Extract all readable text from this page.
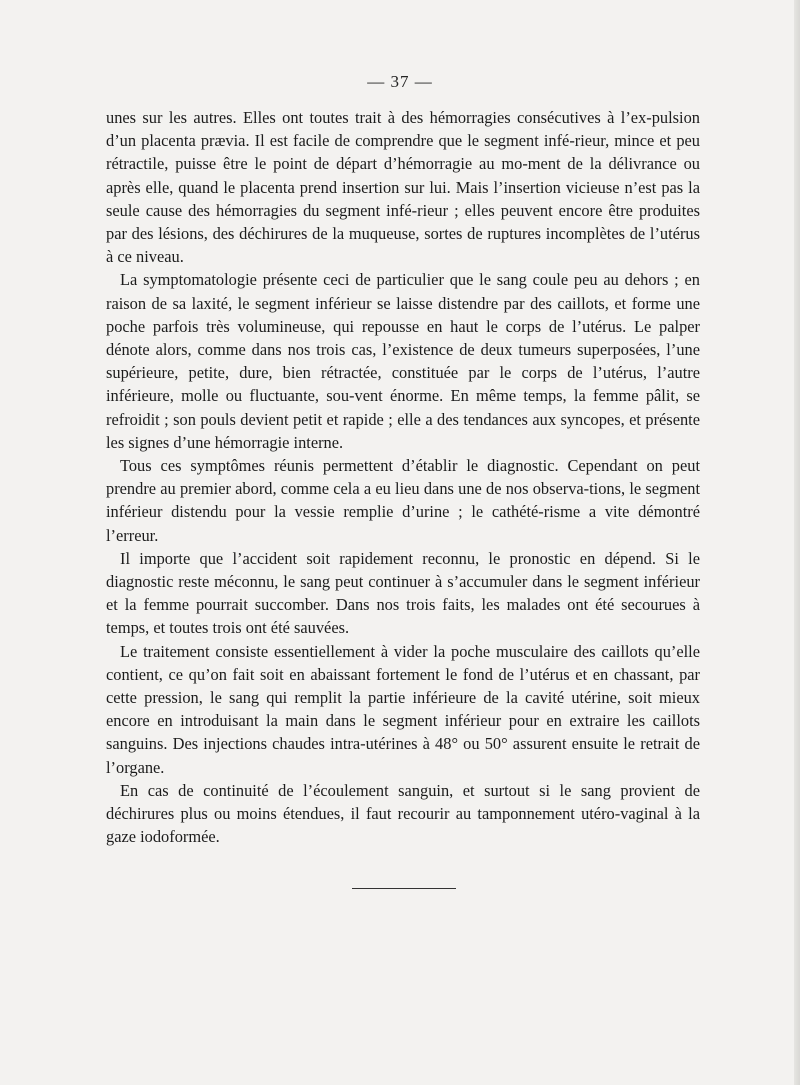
— 37 —

unes sur les autres. Elles ont toutes trait à des hémorragies consécutives à l’ex-pulsion d’un placenta prævia. Il est facile de comprendre que le segment infé-rieur, mince et peu rétractile, puisse être le point de départ d’hémorragie au mo-ment de la délivrance ou après elle, quand le placenta prend insertion sur lui. Mais l’insertion vicieuse n’est pas la seule cause des hémorragies du segment infé-rieur ; elles peuvent encore être produites par des lésions, des déchirures de la muqueuse, sortes de ruptures incomplètes de l’utérus à ce niveau.

La symptomatologie présente ceci de particulier que le sang coule peu au dehors ; en raison de sa laxité, le segment inférieur se laisse distendre par des caillots, et forme une poche parfois très volumineuse, qui repousse en haut le corps de l’utérus. Le palper dénote alors, comme dans nos trois cas, l’existence de deux tumeurs superposées, l’une supérieure, petite, dure, bien rétractée, constituée par le corps de l’utérus, l’autre inférieure, molle ou fluctuante, sou-vent énorme. En même temps, la femme pâlit, se refroidit ; son pouls devient petit et rapide ; elle a des tendances aux syncopes, et présente les signes d’une hémorragie interne.

Tous ces symptômes réunis permettent d’établir le diagnostic. Cependant on peut prendre au premier abord, comme cela a eu lieu dans une de nos observa-tions, le segment inférieur distendu pour la vessie remplie d’urine ; le cathété-risme a vite démontré l’erreur.

Il importe que l’accident soit rapidement reconnu, le pronostic en dépend. Si le diagnostic reste méconnu, le sang peut continuer à s’accumuler dans le segment inférieur et la femme pourrait succomber. Dans nos trois faits, les malades ont été secourues à temps, et toutes trois ont été sauvées.

Le traitement consiste essentiellement à vider la poche musculaire des caillots qu’elle contient, ce qu’on fait soit en abaissant fortement le fond de l’utérus et en chassant, par cette pression, le sang qui remplit la partie inférieure de la cavité utérine, soit mieux encore en introduisant la main dans le segment inférieur pour en extraire les caillots sanguins. Des injections chaudes intra-utérines à 48° ou 50° assurent ensuite le retrait de l’organe.

En cas de continuité de l’écoulement sanguin, et surtout si le sang provient de déchirures plus ou moins étendues, il faut recourir au tamponnement utéro-vaginal à la gaze iodoformée.
